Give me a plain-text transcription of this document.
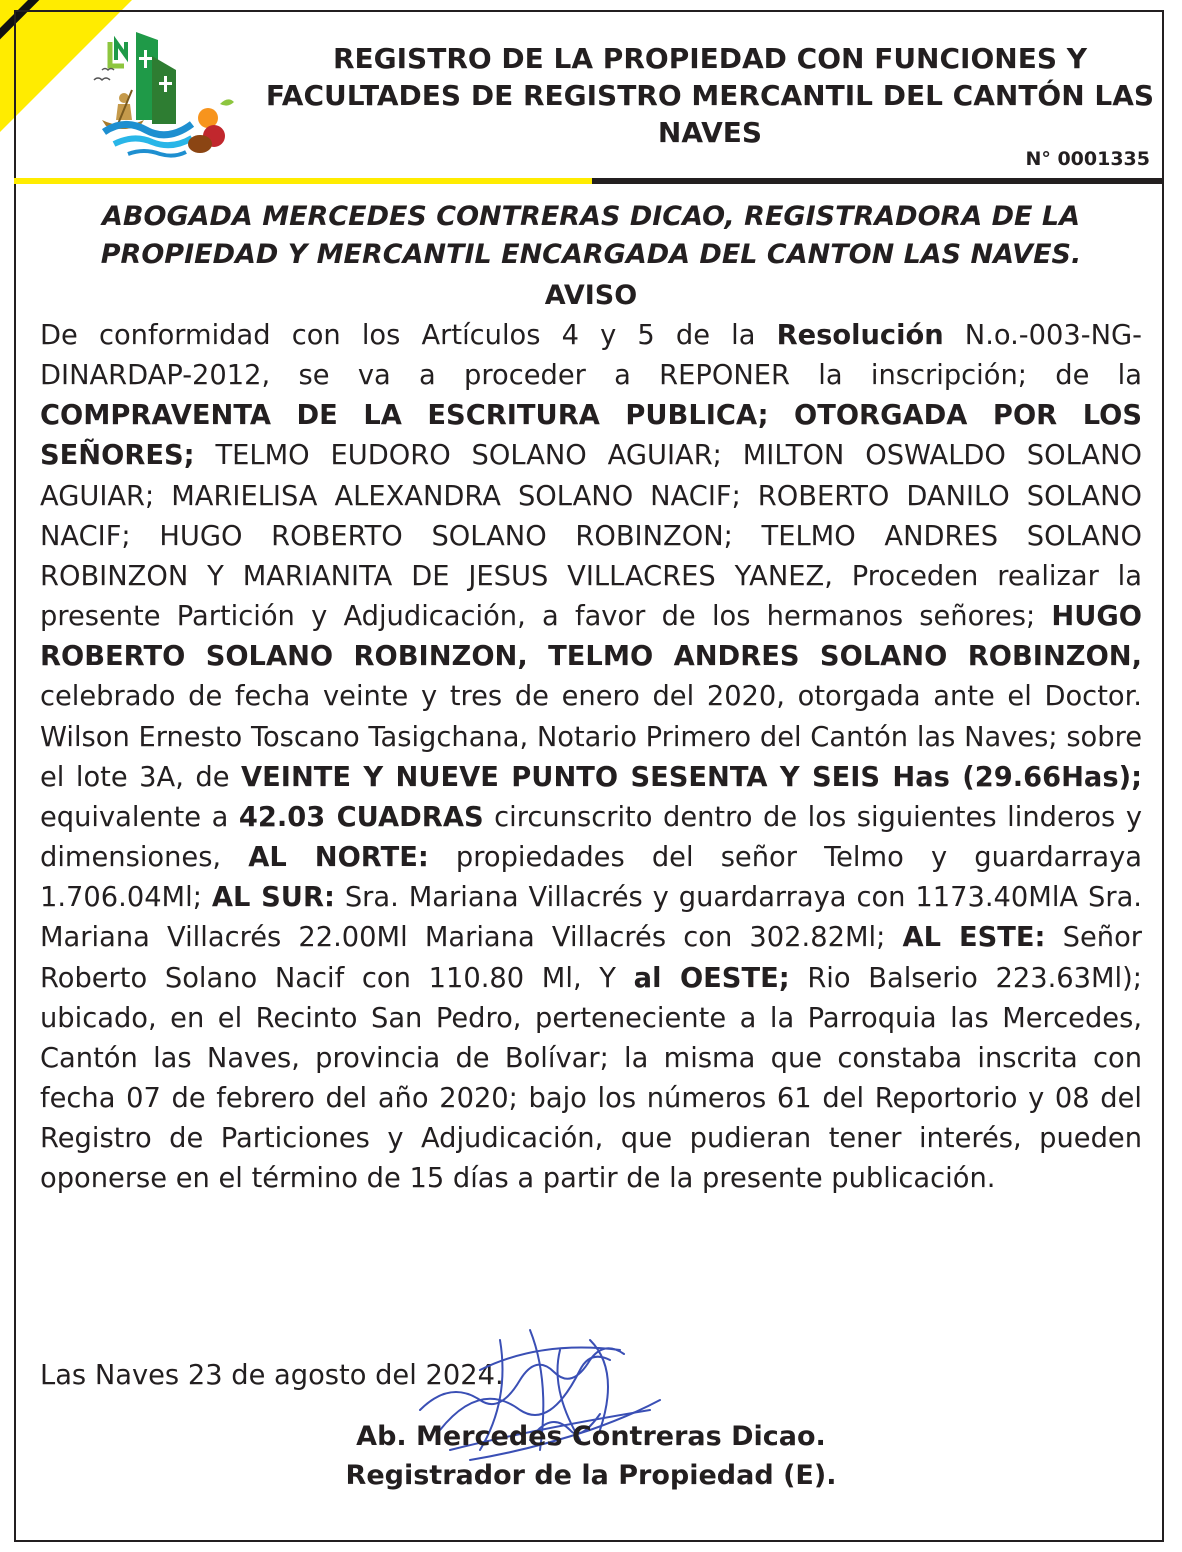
REGISTRO DE LA PROPIEDAD CON FUNCIONES Y FACULTADES DE REGISTRO MERCANTIL DEL CANTÓN LAS NAVES
N° 0001335
ABOGADA MERCEDES CONTRERAS DICAO, REGISTRADORA DE LA PROPIEDAD Y MERCANTIL ENCARGADA DEL CANTON LAS NAVES.
AVISO

De conformidad con los Artículos 4 y 5 de la Resolución N.o.-003-NG- DINARDAP-2012, se va a proceder a REPONER la inscripción; de la COMPRAVENTA DE LA ESCRITURA PUBLICA; OTORGADA POR LOS SEÑORES; TELMO EUDORO SOLANO AGUIAR; MILTON OSWALDO SOLANO AGUIAR; MARIELISA ALEXANDRA SOLANO NACIF; ROBERTO DANILO SOLANO NACIF; HUGO ROBERTO SOLANO ROBINZON; TELMO ANDRES SOLANO ROBINZON Y MARIANITA DE JESUS VILLACRES YANEZ, Proceden realizar la presente Partición y Adjudicación, a favor de los hermanos señores; HUGO ROBERTO SOLANO ROBINZON, TELMO ANDRES SOLANO ROBINZON, celebrado de fecha veinte y tres de enero del 2020, otorgada ante el Doctor. Wilson Ernesto Toscano Tasigchana, Notario Primero del Cantón las Naves; sobre el lote 3A, de VEINTE Y NUEVE PUNTO SESENTA Y SEIS Has (29.66Has); equivalente a 42.03 CUADRAS circunscrito dentro de los siguientes linderos y dimensiones, AL NORTE: propiedades del señor Telmo y guardarraya 1.706.04Ml; AL SUR: Sra. Mariana Villacrés y guardarraya con 1173.40MlA Sra. Mariana Villacrés 22.00Ml Mariana Villacrés con 302.82Ml; AL ESTE: Señor Roberto Solano Nacif con 110.80 Ml, Y al OESTE; Rio Balserio 223.63Ml); ubicado, en el Recinto San Pedro, perteneciente a la Parroquia las Mercedes, Cantón las Naves, provincia de Bolívar; la misma que constaba inscrita con fecha 07 de febrero del año 2020; bajo los números 61 del Reportorio y 08 del Registro de Particiones y Adjudicación, que pudieran tener interés, pueden oponerse en el término de 15 días a partir de la presente publicación.

Las Naves 23 de agosto del 2024.

Ab. Mercedes Contreras Dicao.

Registrador de la Propiedad (E).
